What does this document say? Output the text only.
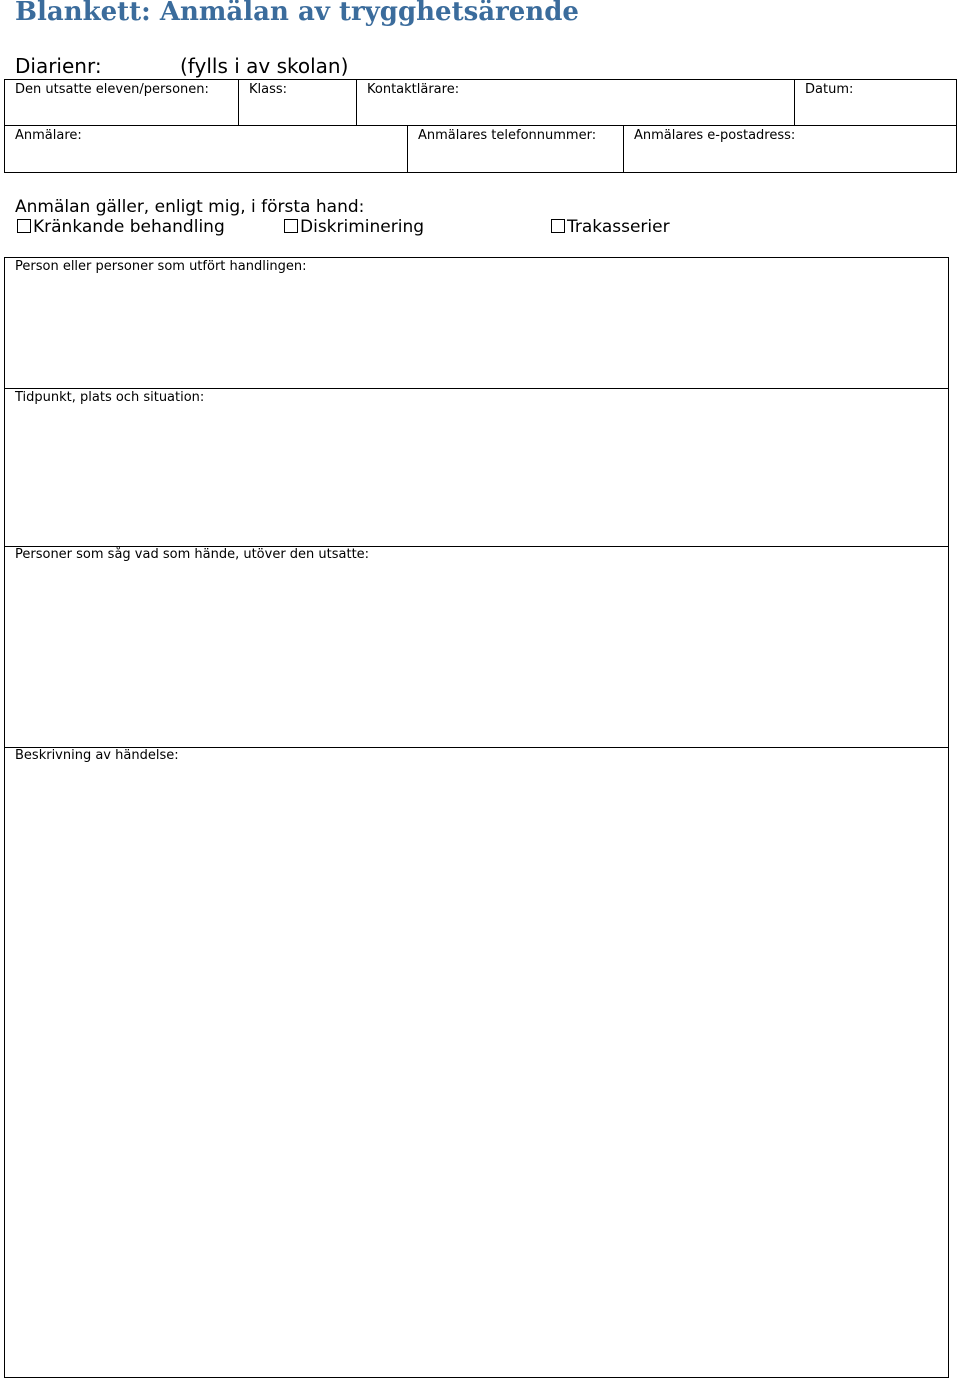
Blankett: Anmälan av trygghetsärende
Diarienr:	(fylls i av skolan)
Den utsatte eleven/personen:	Klass:	Kontaktlärare:	Datum:
Anmälare:	Anmälares telefonnummer:	Anmälares e-postadress:
Anmälan gäller, enligt mig, i första hand:
Kränkande behandling	Diskriminering	Trakasserier
Person eller personer som utfört handlingen:
Tidpunkt, plats och situation:
Personer som såg vad som hände, utöver den utsatte:
Beskrivning av händelse:
